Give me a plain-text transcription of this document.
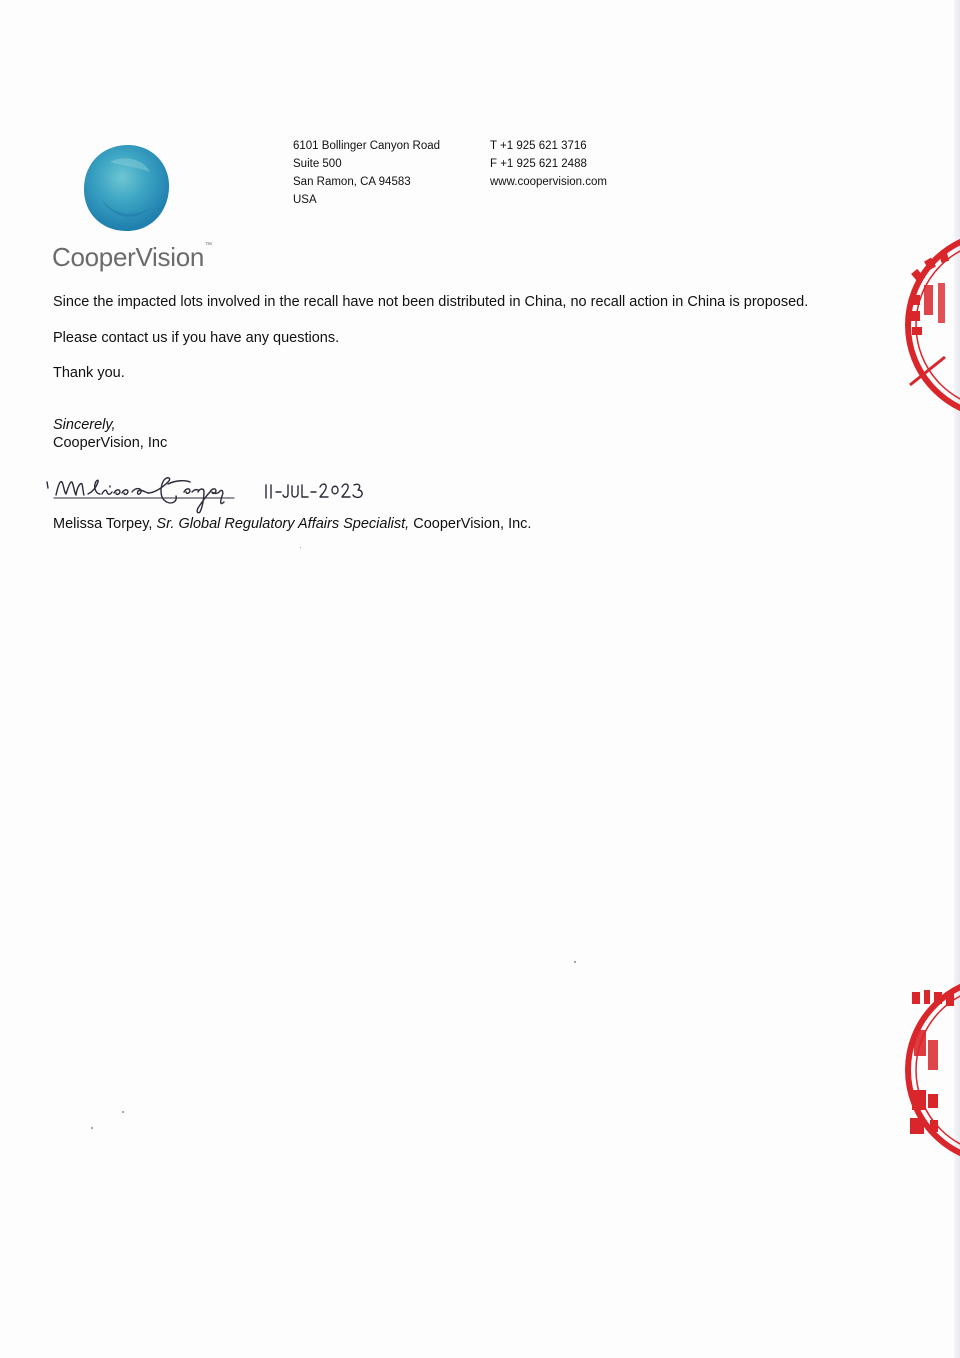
CooperVision™
6101 Bollinger Canyon Road
Suite 500
San Ramon, CA 94583
USA
T +1 925 621 3716
F +1 925 621 2488
www.coopervision.com
Since the impacted lots involved in the recall have not been distributed in China, no recall action in China is proposed.
Please contact us if you have any questions.
Thank you.
Sincerely,
CooperVision, Inc
Melissa Torpey, Sr. Global Regulatory Affairs Specialist, CooperVision, Inc.
